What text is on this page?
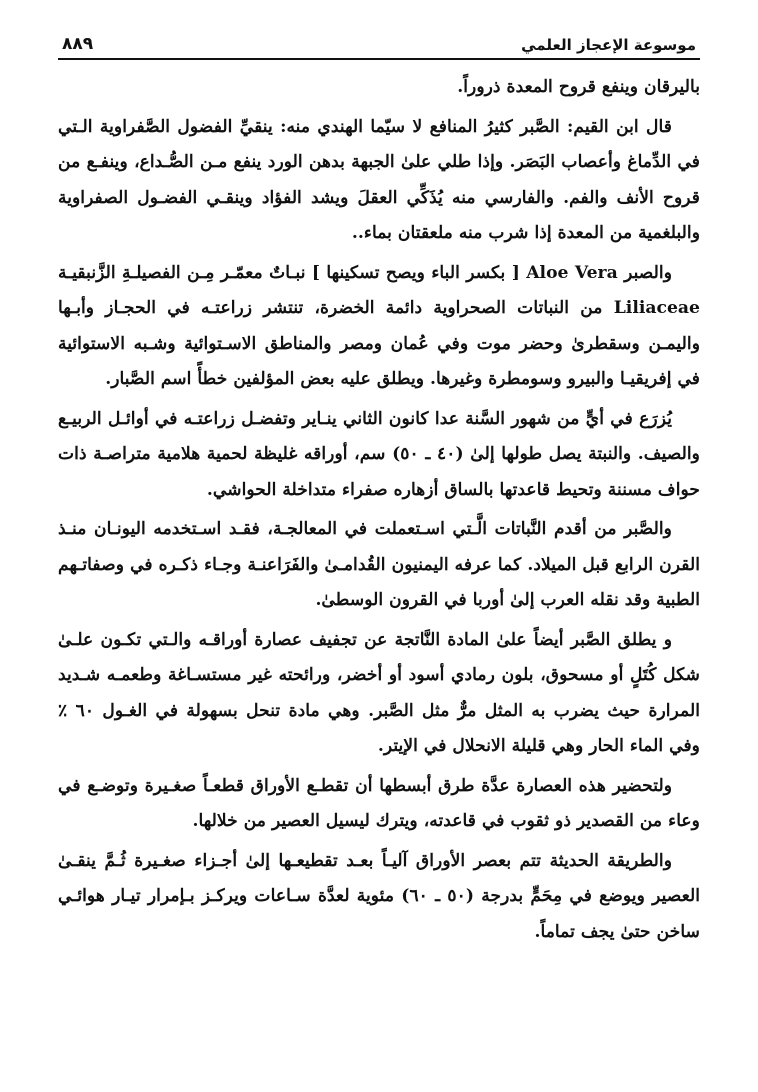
موسوعة الإعجاز العلمي
٨٨٩

باليرقان وينفع قروح المعدة ذروراً.

قال ابن القيم: الصَّبر كثيرُ المنافع لا سيّما الهندي منه: ينقيِّ الفضول الصَّفراوية الـتي في الدِّماغ وأعصاب البَصَر. وإذا طلي علىٰ الجبهة بدهن الورد ينفع مـن الصُّـداع، وينفـع من قروح الأنف والفم. والفارسي منه يُذَكِّي العقلَ ويشد الفؤاد وينقـي الفضـول الصفراوية والبلغمية من المعدة إذا شرب منه ملعقتان بماء..

والصبر Aloe Vera [ بكسر الباء ويصح تسكينها ] نبـاتٌ معمّـر مِـن الفصيلـةِ الزَّنبقيـة Liliaceae من النباتات الصحراوية دائمة الخضرة، تنتشر زراعتـه في الحجـاز وأبـها واليمـن وسقطرىٰ وحضر موت وفي عُمان ومصر والمناطق الاسـتوائية وشـبه الاستوائية في إفريقيـا والبيرو وسومطرة وغيرها. ويطلق عليه بعض المؤلفين خطأً اسم الصَّبار.

يُزرَع في أيٍّ من شهور السَّنة عدا كانون الثاني ينـاير وتفضـل زراعتـه في أوائـل الربيـع والصيف. والنبتة يصل طولها إلىٰ (٤٠ ـ ٥٠) سم، أوراقه غليظة لحمية هلامية متراصـة ذات حواف مسننة وتحيط قاعدتها بالساق أزهاره صفراء متداخلة الحواشي.

والصَّبر من أقدم النَّباتات الَّـتي اسـتعملت في المعالجـة، فقـد اسـتخدمه اليونـان منـذ القرن الرابع قبل الميلاد. كما عرفه اليمنيون القُدامـىٰ والفَرَاعنـة وجـاء ذكـره في وصفاتـهم الطبية وقد نقله العرب إلىٰ أوربا في القرون الوسطىٰ.

و يطلق الصَّبر أيضاً علىٰ المادة النَّاتجة عن تجفيف عصارة أوراقـه والـتي تكـون علـىٰ شكل كُتَلٍ أو مسحوق، بلون رمادي أسود أو أخضر، ورائحته غير مستسـاغة وطعمـه شـديد المرارة حيث يضرب به المثل مرٌّ مثل الصَّبر. وهي مادة تنحل بسهولة في الغـول ٦٠ ٪ وفي الماء الحار وهي قليلة الانحلال في الإيتر.

ولتحضير هذه العصارة عدَّة طرق أبسطها أن تقطـع الأوراق قطعـاً صغـيرة وتوضـع في وعاء من القصدير ذو ثقوب في قاعدته، ويترك ليسيل العصير من خلالها.

والطريقة الحديثة تتم بعصر الأوراق آليـاً بعـد تقطيعـها إلىٰ أجـزاء صغـيرة ثُـمَّ ينقـىٰ العصير ويوضع في مِحَمٍّ بدرجة (٥٠ ـ ٦٠) مئوية لعدَّة سـاعات ويركـز بـإمرار تيـار هوائـي ساخن حتىٰ يجف تماماً.
